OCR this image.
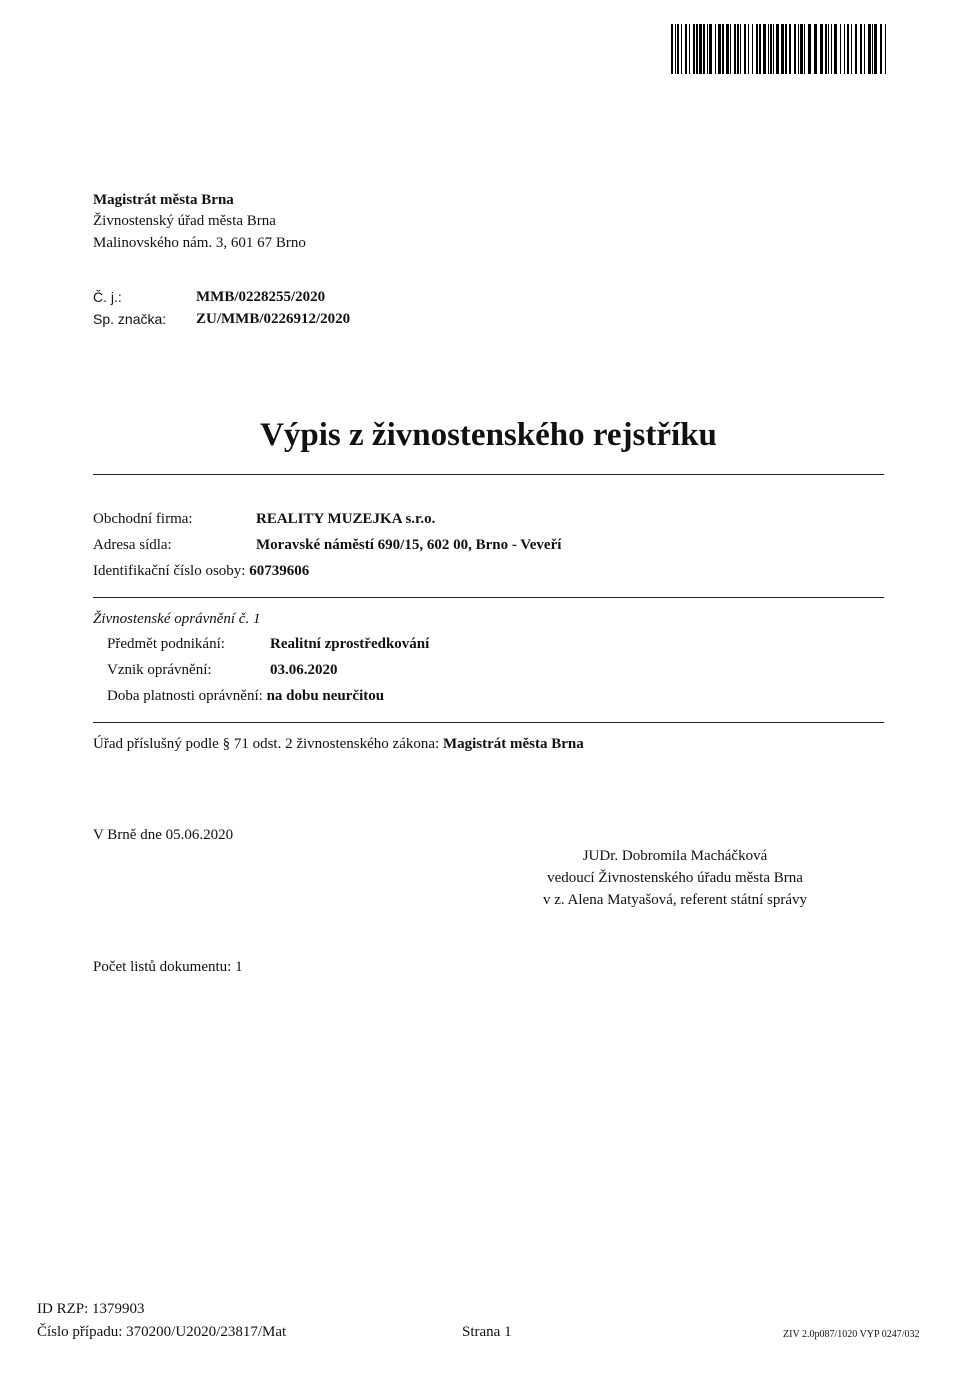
Magistrát města Brna
Živnostenský úřad města Brna
Malinovského nám. 3, 601 67 Brno
Č. j.:	MMB/0228255/2020
Sp. značka: ZU/MMB/0226912/2020
Výpis z živnostenského rejstříku
Obchodní firma:	REALITY MUZEJKA s.r.o.
Adresa sídla:	Moravské náměstí 690/15, 602 00, Brno - Veveří
Identifikační číslo osoby: 60739606
Živnostenské oprávnění č. 1
Předmět podnikání:	Realitní zprostředkování
Vznik oprávnění:	03.06.2020
Doba platnosti oprávnění: na dobu neurčitou
Úřad příslušný podle § 71 odst. 2 živnostenského zákona: Magistrát města Brna
V Brně dne 05.06.2020
JUDr. Dobromila Macháčková
vedoucí Živnostenského úřadu města Brna
v z. Alena Matyašová, referent státní správy
Počet listů dokumentu: 1
ID RZP: 1379903
Číslo případu: 370200/U2020/23817/Mat	Strana 1	ZIV 2.0p087/1020 VYP 0247/032
